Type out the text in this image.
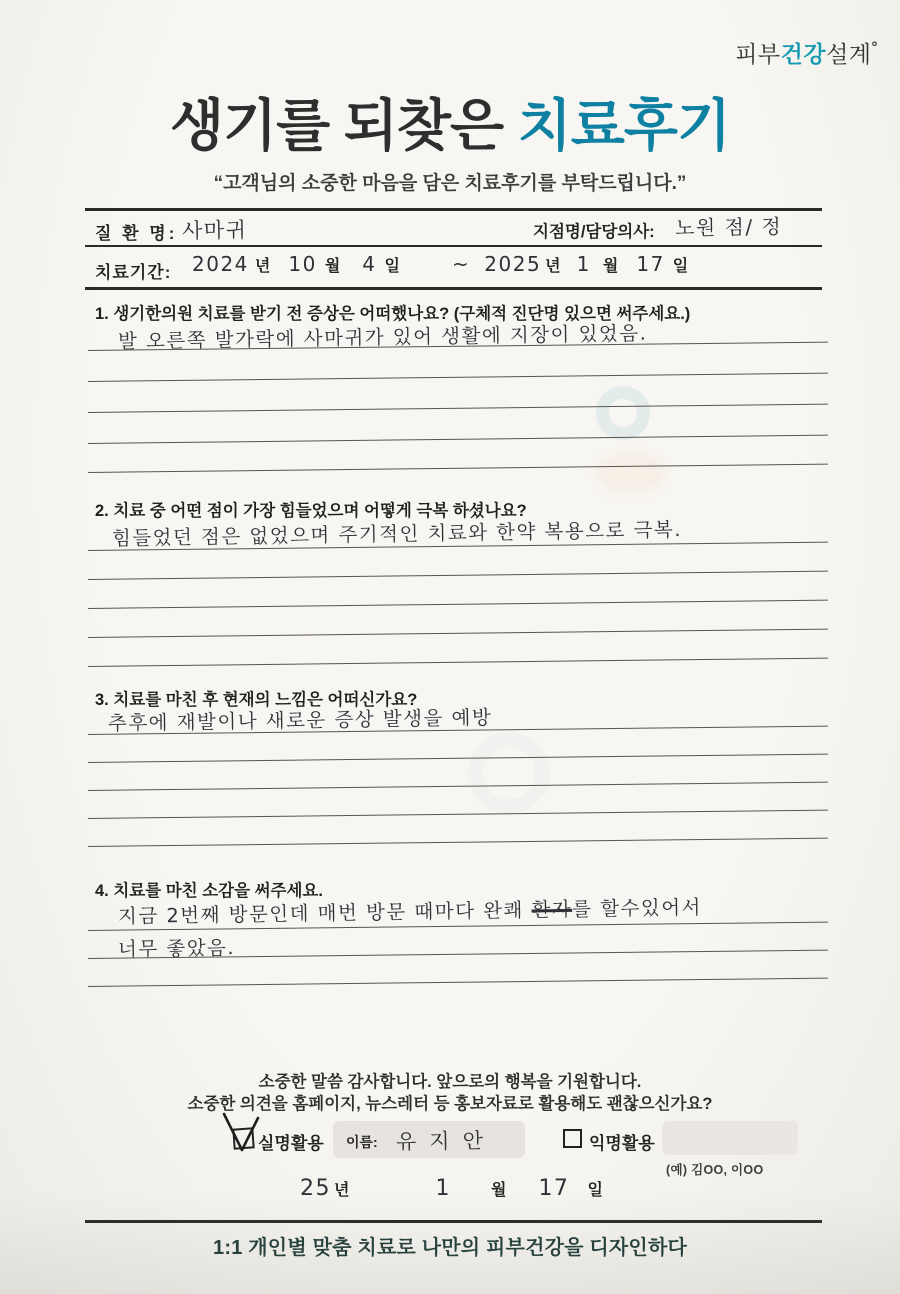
피부건강설계°
생기를 되찾은 치료후기
“고객님의 소중한 마음을 담은 치료후기를 부탁드립니다.”
질 환 명: 사마귀	지점명/담당의사: 노원 점/ 정
치료기간: 2024 년 10 월 4 일	~ 2025 년 1 월 17 일
1. 생기한의원 치료를 받기 전 증상은 어떠했나요? (구체적 진단명 있으면 써주세요.)
발 오른쪽 발가락에 사마귀가 있어 생활에 지장이 있었음.
2. 치료 중 어떤 점이 가장 힘들었으며 어떻게 극복 하셨나요?
힘들었던 점은 없었으며 주기적인 치료와 한약 복용으로 극복.
3. 치료를 마친 후 현재의 느낌은 어떠신가요?
추후에 재발이나 새로운 증상 발생을 예방
4. 치료를 마친 소감을 써주세요.
지금 2번째 방문인데 매번 방문 때마다 완쾌 환자를 할수있어서
너무 좋았음.
소중한 말씀 감사합니다. 앞으로의 행복을 기원합니다.
소중한 의견을 홈페이지, 뉴스레터 등 홍보자료로 활용해도 괜찮으신가요?
실명활용 이름: 유지안	익명활용
(예) 김OO, 이OO
25 년	1	월 17 일
1:1 개인별 맞춤 치료로 나만의 피부건강을 디자인하다
